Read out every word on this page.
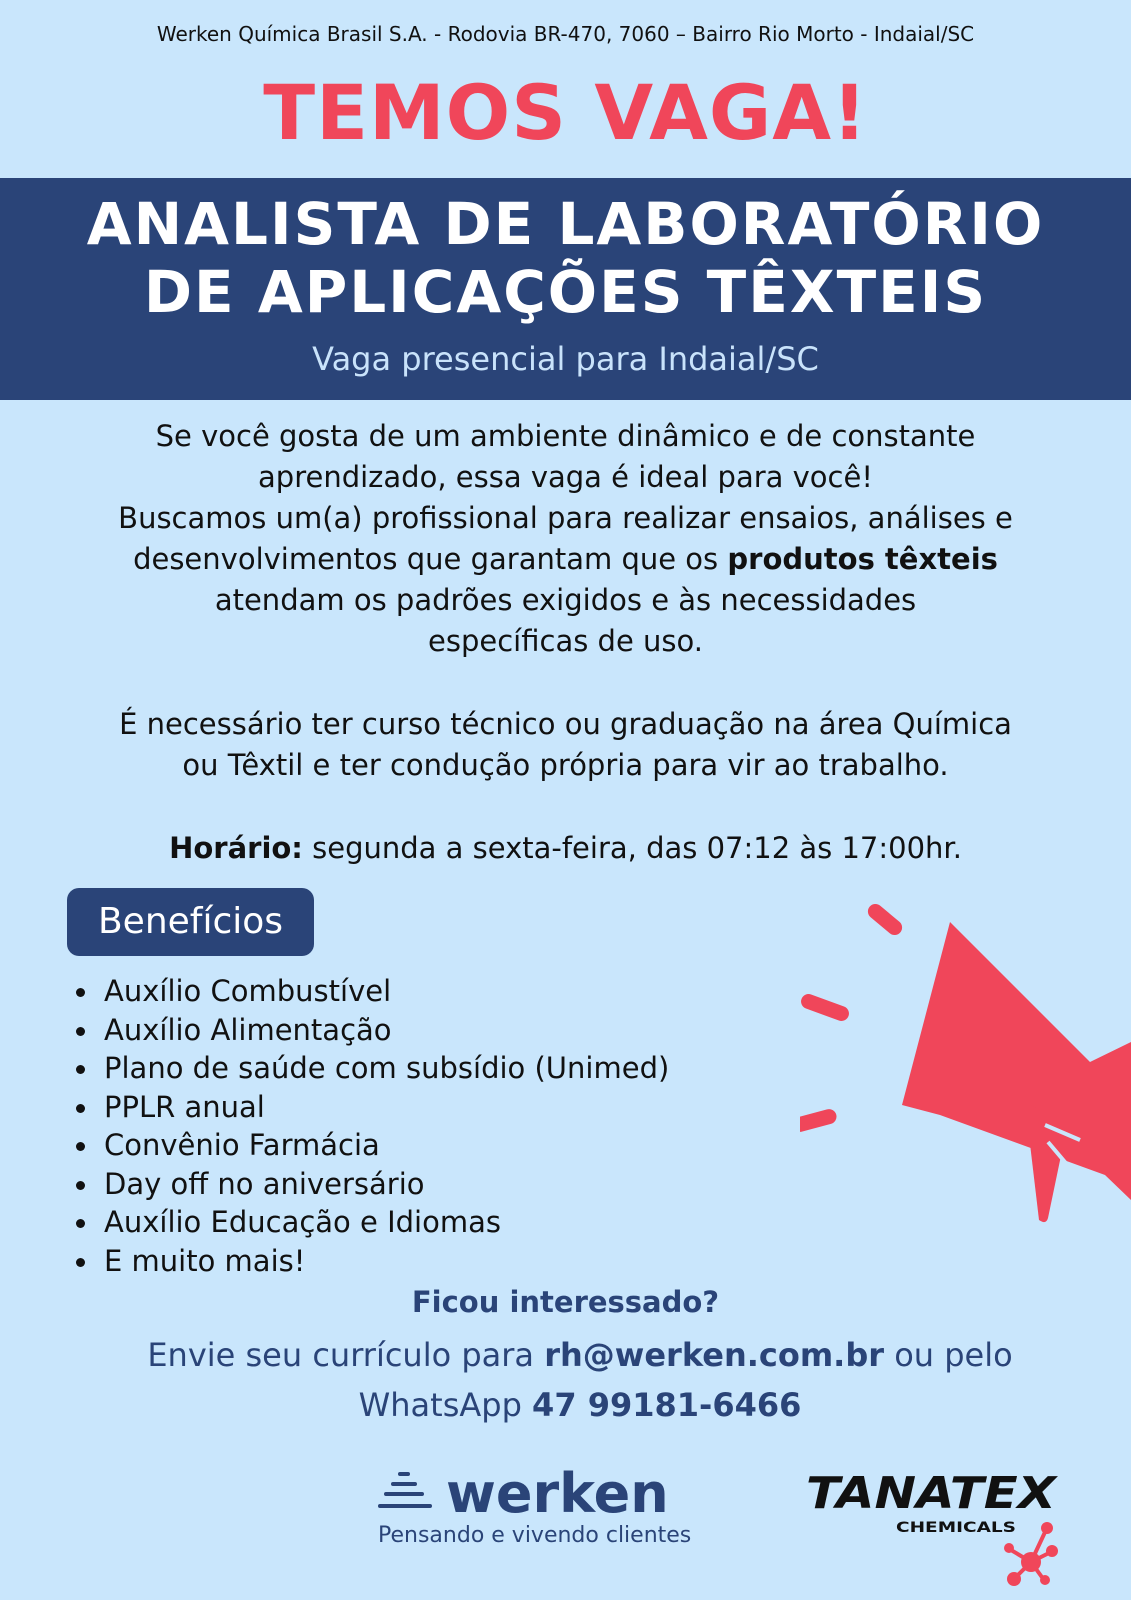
Werken Química Brasil S.A. - Rodovia BR-470, 7060 – Bairro Rio Morto - Indaial/SC
TEMOS VAGA!
ANALISTA DE LABORATÓRIO
DE APLICAÇÕES TÊXTEIS
Vaga presencial para Indaial/SC
Se você gosta de um ambiente dinâmico e de constante
aprendizado, essa vaga é ideal para você!
Buscamos um(a) profissional para realizar ensaios, análises e
desenvolvimentos que garantam que os produtos têxteis
atendam os padrões exigidos e às necessidades
específicas de uso.
É necessário ter curso técnico ou graduação na área Química
ou Têxtil e ter condução própria para vir ao trabalho.
Horário: segunda a sexta-feira, das 07:12 às 17:00hr.
Benefícios
Auxílio Combustível
Auxílio Alimentação
Plano de saúde com subsídio (Unimed)
PPLR anual
Convênio Farmácia
Day off no aniversário
Auxílio Educação e Idiomas
E muito mais!
Ficou interessado?
Envie seu currículo para rh@werken.com.br ou pelo
WhatsApp 47 99181-6466
werken
Pensando e vivendo clientes
TANATEX
CHEMICALS
